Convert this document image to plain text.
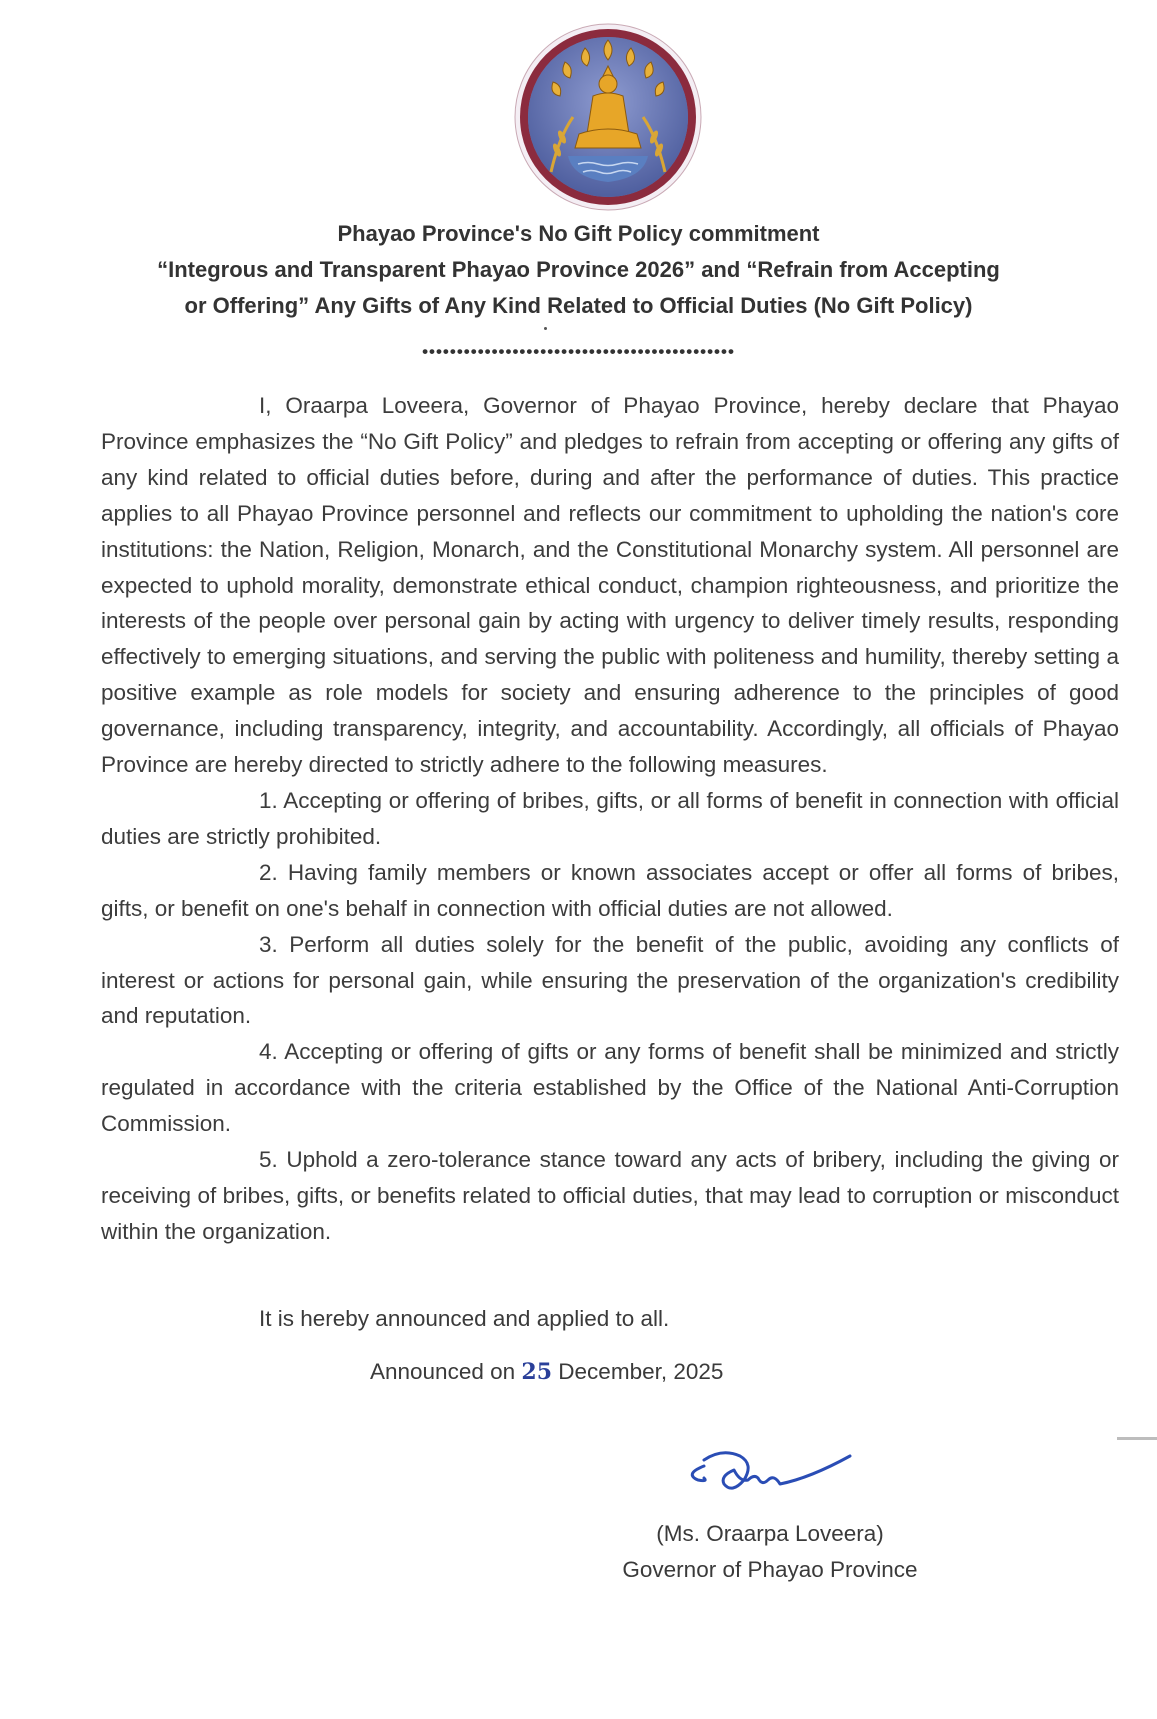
Phayao Province's No Gift Policy commitment
“Integrous and Transparent Phayao Province 2026” and “Refrain from Accepting
or Offering” Any Gifts of Any Kind Related to Official Duties (No Gift Policy)
•••••••••••••••••••••••••••••••••••••••••••••

I, Oraarpa Loveera, Governor of Phayao Province, hereby declare that Phayao Province emphasizes the “No Gift Policy” and pledges to refrain from accepting or offering any gifts of any kind related to official duties before, during and after the performance of duties. This practice applies to all Phayao Province personnel and reflects our commitment to upholding the nation's core institutions: the Nation, Religion, Monarch, and the Constitutional Monarchy system. All personnel are expected to uphold morality, demonstrate ethical conduct, champion righteousness, and prioritize the interests of the people over personal gain by acting with urgency to deliver timely results, responding effectively to emerging situations, and serving the public with politeness and humility, thereby setting a positive example as role models for society and ensuring adherence to the principles of good governance, including transparency, integrity, and accountability. Accordingly, all officials of Phayao Province are hereby directed to strictly adhere to the following measures.

1. Accepting or offering of bribes, gifts, or all forms of benefit in connection with official duties are strictly prohibited.

2. Having family members or known associates accept or offer all forms of bribes, gifts, or benefit on one's behalf in connection with official duties are not allowed.

3. Perform all duties solely for the benefit of the public, avoiding any conflicts of interest or actions for personal gain, while ensuring the preservation of the organization's credibility and reputation.

4. Accepting or offering of gifts or any forms of benefit shall be minimized and strictly regulated in accordance with the criteria established by the Office of the National Anti-Corruption Commission.

5. Uphold a zero-tolerance stance toward any acts of bribery, including the giving or receiving of bribes, gifts, or benefits related to official duties, that may lead to corruption or misconduct within the organization.

It is hereby announced and applied to all.
Announced on 25 December, 2025
(Ms. Oraarpa Loveera)
Governor of Phayao Province
